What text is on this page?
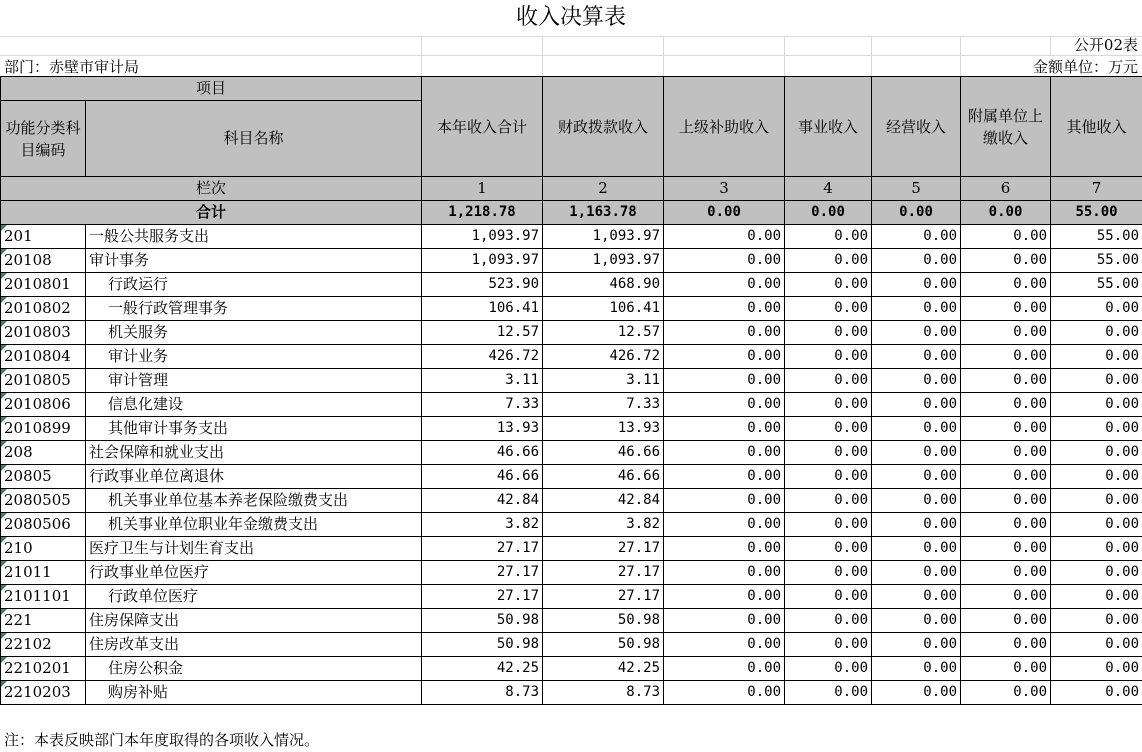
收入决算表
公开02表
部门：赤壁市审计局	金额单位：万元
项目		本年收入合计	财政拨款收入	上级补助收入	事业收入	经营收入	附属单位上缴收入	其他收入
功能分类科目编码	科目名称							
栏次		1	2	3	4	5	6	7
合计		1,218.78	1,163.78	0.00	0.00	0.00	0.00	55.00

201	一般公共服务支出	1,093.97	1,093.97	0.00	0.00	0.00	0.00	55.00

20108	审计事务	1,093.97	1,093.97	0.00	0.00	0.00	0.00	55.00

2010801	行政运行	523.90	468.90	0.00	0.00	0.00	0.00	55.00

2010802	一般行政管理事务	106.41	106.41	0.00	0.00	0.00	0.00	0.00

2010803	机关服务	12.57	12.57	0.00	0.00	0.00	0.00	0.00

2010804	审计业务	426.72	426.72	0.00	0.00	0.00	0.00	0.00

2010805	审计管理	3.11	3.11	0.00	0.00	0.00	0.00	0.00

2010806	信息化建设	7.33	7.33	0.00	0.00	0.00	0.00	0.00

2010899	其他审计事务支出	13.93	13.93	0.00	0.00	0.00	0.00	0.00

208	社会保障和就业支出	46.66	46.66	0.00	0.00	0.00	0.00	0.00

20805	行政事业单位离退休	46.66	46.66	0.00	0.00	0.00	0.00	0.00

2080505	机关事业单位基本养老保险缴费支出	42.84	42.84	0.00	0.00	0.00	0.00	0.00

2080506	机关事业单位职业年金缴费支出	3.82	3.82	0.00	0.00	0.00	0.00	0.00

210	医疗卫生与计划生育支出	27.17	27.17	0.00	0.00	0.00	0.00	0.00

21011	行政事业单位医疗	27.17	27.17	0.00	0.00	0.00	0.00	0.00

2101101	行政单位医疗	27.17	27.17	0.00	0.00	0.00	0.00	0.00

221	住房保障支出	50.98	50.98	0.00	0.00	0.00	0.00	0.00

22102	住房改革支出	50.98	50.98	0.00	0.00	0.00	0.00	0.00

2210201	住房公积金	42.25	42.25	0.00	0.00	0.00	0.00	0.00

2210203	购房补贴	8.73	8.73	0.00	0.00	0.00	0.00	0.00
注：本表反映部门本年度取得的各项收入情况。
